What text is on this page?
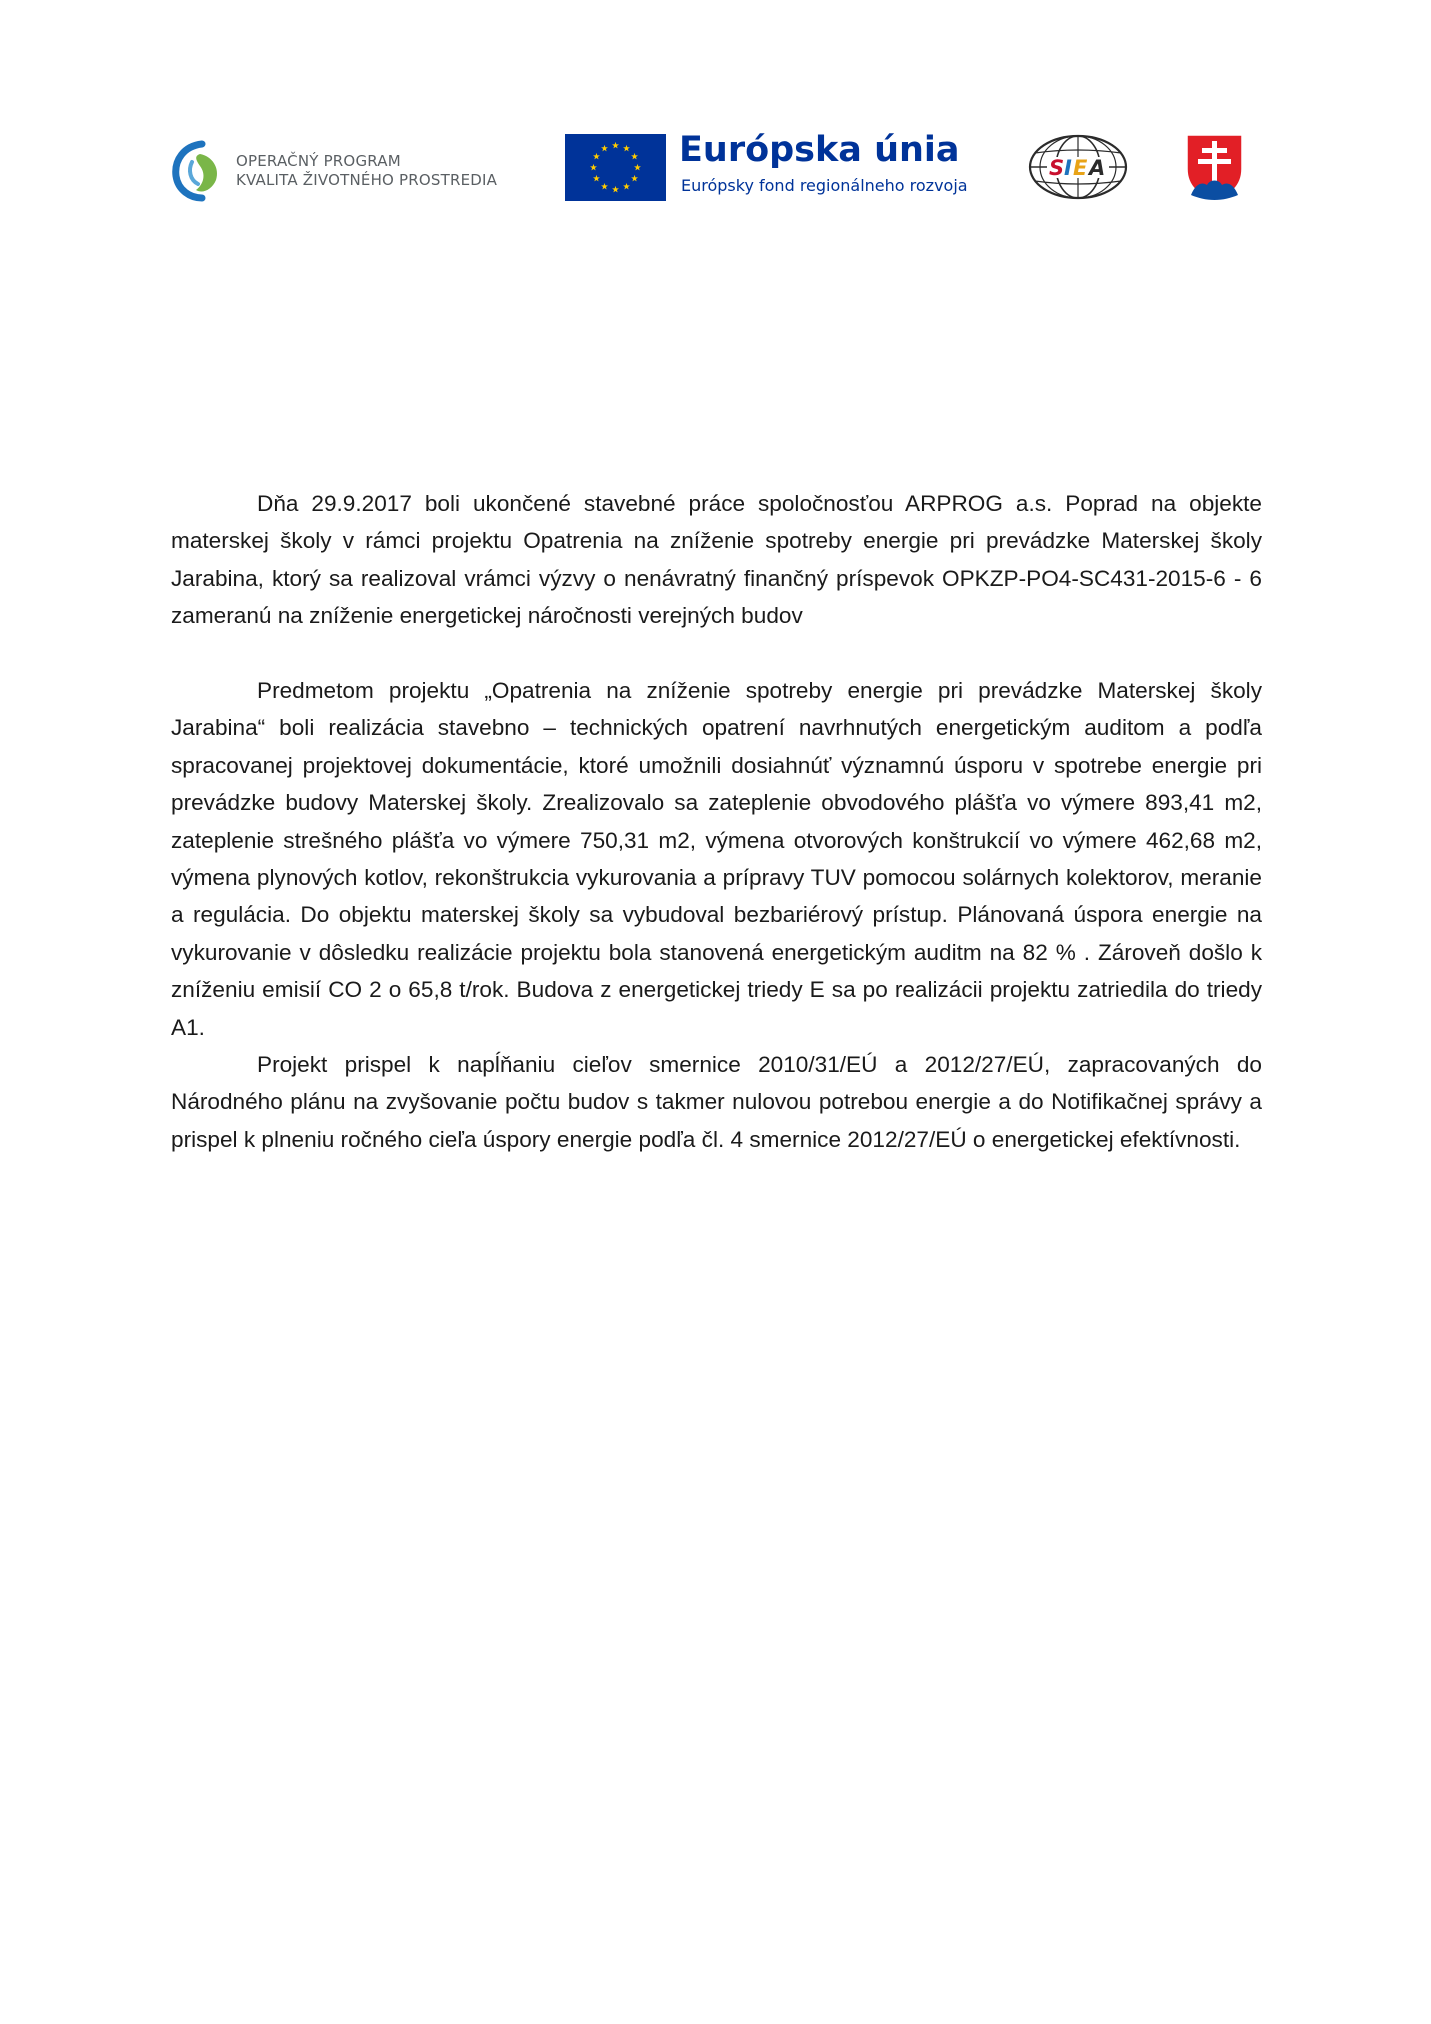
OPERAČNÝ PROGRAM
KVALITA ŽIVOTNÉHO PROSTREDIA
Európska únia
Európsky fond regionálneho rozvoja
S I E A

Dňa 29.9.2017 boli ukončené stavebné práce spoločnosťou ARPROG a.s. Poprad na objekte materskej školy v rámci projektu Opatrenia na zníženie spotreby energie pri prevádzke Materskej školy Jarabina, ktorý sa realizoval vrámci výzvy o nenávratný finančný príspevok OPKZP-PO4-SC431-2015-6 - 6 zameranú na zníženie energetickej náročnosti verejných budov

Predmetom projektu „Opatrenia na zníženie spotreby energie pri prevádzke Materskej školy Jarabina“ boli realizácia stavebno – technických opatrení navrhnutých energetickým auditom a podľa spracovanej projektovej dokumentácie, ktoré umožnili dosiahnúť významnú úsporu v spotrebe energie pri prevádzke budovy Materskej školy. Zrealizovalo sa zateplenie obvodového plášťa vo výmere 893,41 m2, zateplenie strešného plášťa vo výmere 750,31 m2, výmena otvorových konštrukcií vo výmere 462,68 m2, výmena plynových kotlov, rekonštrukcia vykurovania a prípravy TUV pomocou solárnych kolektorov, meranie a regulácia. Do objektu materskej školy sa vybudoval bezbariérový prístup. Plánovaná úspora energie na vykurovanie v dôsledku realizácie projektu bola stanovená energetickým auditm na 82 % . Zároveň došlo k zníženiu emisií CO 2 o 65,8 t/rok. Budova z energetickej triedy E sa po realizácii projektu zatriedila do triedy A1.

Projekt prispel k napĺňaniu cieľov smernice 2010/31/EÚ a 2012/27/EÚ, zapracovaných do Národného plánu na zvyšovanie počtu budov s takmer nulovou potrebou energie a do Notifikačnej správy a prispel k plneniu ročného cieľa úspory energie podľa čl. 4 smernice 2012/27/EÚ o energetickej efektívnosti.
